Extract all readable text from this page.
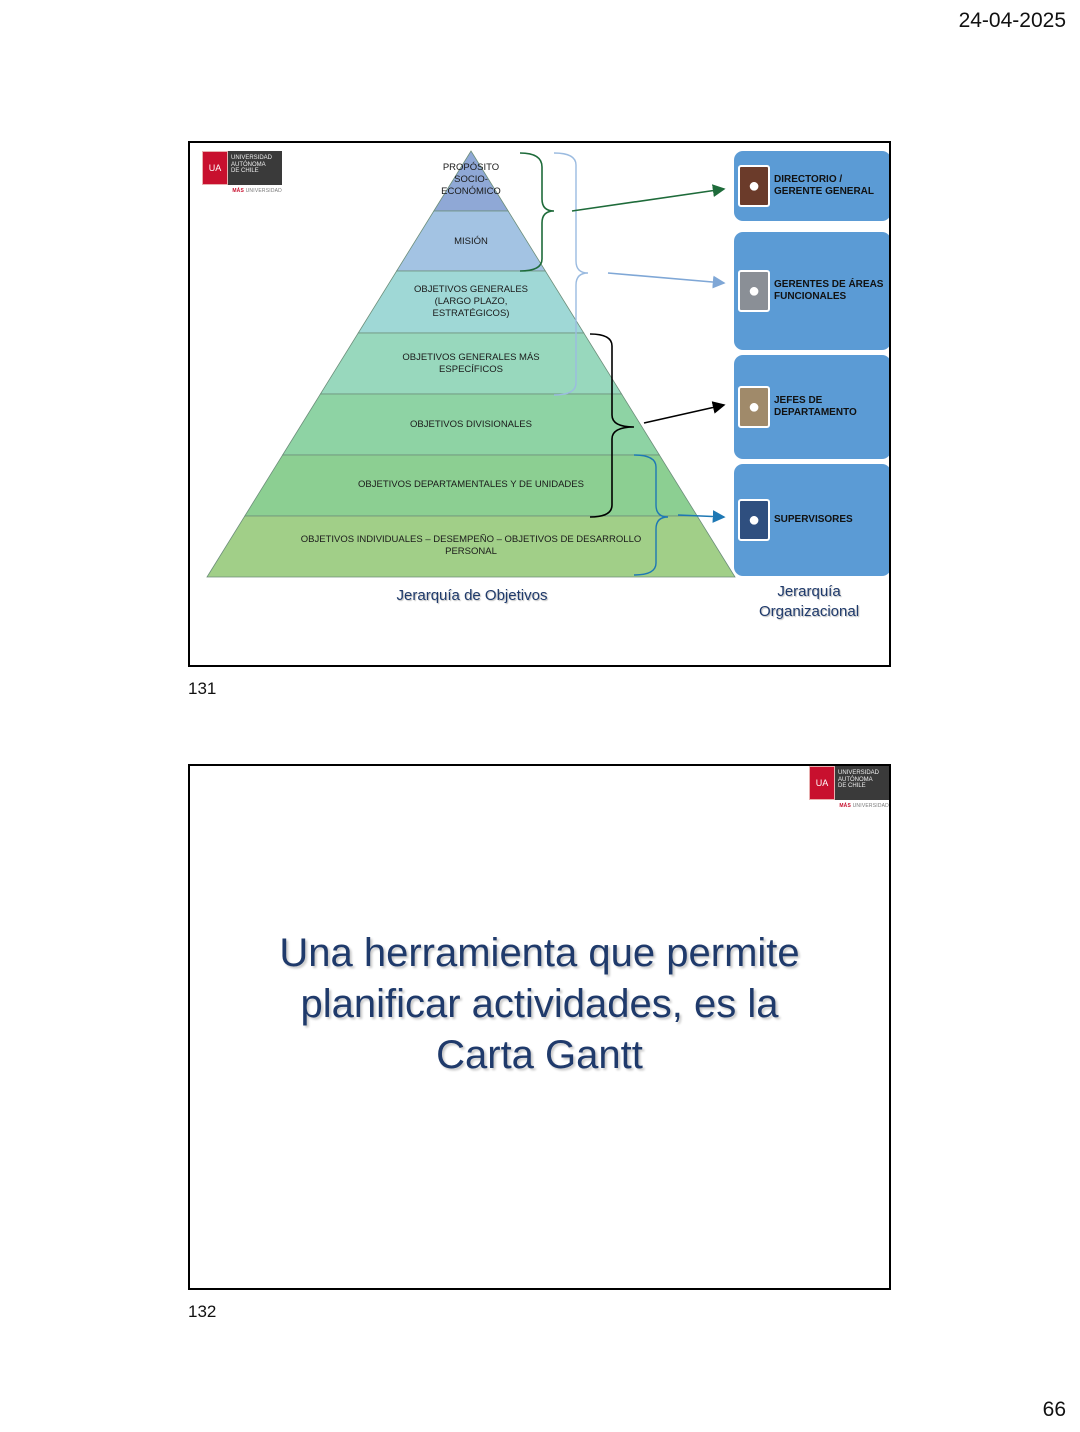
24-04-2025
UA
UNIVERSIDAD
AUTÓNOMA
DE CHILE
MÁS UNIVERSIDAD
PROPÓSITO
SOCIO-
ECONÓMICO
MISIÓN
OBJETIVOS GENERALES
(LARGO PLAZO,
ESTRATÉGICOS)
OBJETIVOS GENERALES MÁS
ESPECÍFICOS
OBJETIVOS DIVISIONALES
OBJETIVOS DEPARTAMENTALES Y DE UNIDADES
OBJETIVOS INDIVIDUALES – DESEMPEÑO – OBJETIVOS DE DESARROLLO
PERSONAL
● DIRECTORIO /
GERENTE GENERAL
● GERENTES DE ÁREAS
FUNCIONALES
● JEFES DE
DEPARTAMENTO
● SUPERVISORES
Jerarquía de Objetivos	Jerarquía
Organizacional
131
UA
UNIVERSIDAD
AUTÓNOMA
DE CHILE
MÁS UNIVERSIDAD
Una herramienta que permite
planificar actividades, es la
Carta Gantt
132
66
